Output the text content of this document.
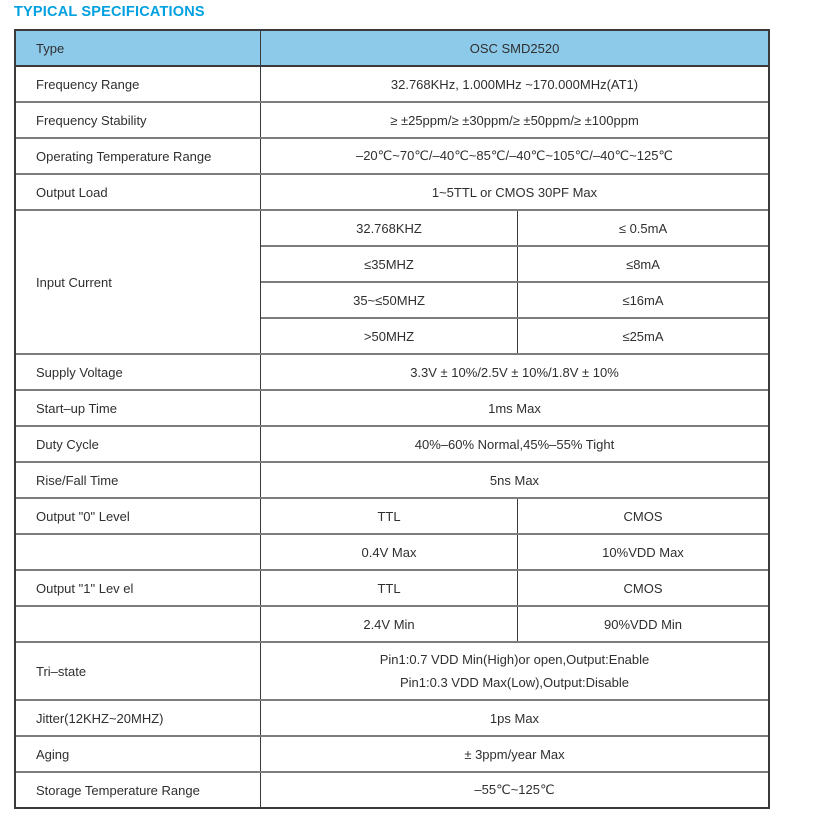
TYPICAL SPECIFICATIONS
Type	OSC SMD2520
Frequency Range	32.768KHz, 1.000MHz ~170.000MHz(AT1)
Frequency Stability	≥ ±25ppm/≥ ±30ppm/≥ ±50ppm/≥ ±100ppm
Operating Temperature Range	–20℃~70℃/–40℃~85℃/–40℃~105℃/–40℃~125℃
Output Load	1~5TTL or CMOS 30PF Max
Input Current
32.768KHZ	≤ 0.5mA
≤35MHZ	≤8mA
35~≤50MHZ	≤16mA
>50MHZ	≤25mA
Supply Voltage	3.3V ± 10%/2.5V ± 10%/1.8V ± 10%
Start–up Time	1ms Max
Duty Cycle	40%–60% Normal,45%–55% Tight
Rise/Fall Time	5ns Max
Output "0" Level	TTL	CMOS
0.4V Max	10%VDD Max
Output "1" Lev el	TTL	CMOS
2.4V Min	90%VDD Min
Tri–state
Pin1:0.7 VDD Min(High)or open,Output:Enable
Pin1:0.3 VDD Max(Low),Output:Disable
Jitter(12KHZ~20MHZ)	1ps Max
Aging	± 3ppm/year Max
Storage Temperature Range	–55℃~125℃
